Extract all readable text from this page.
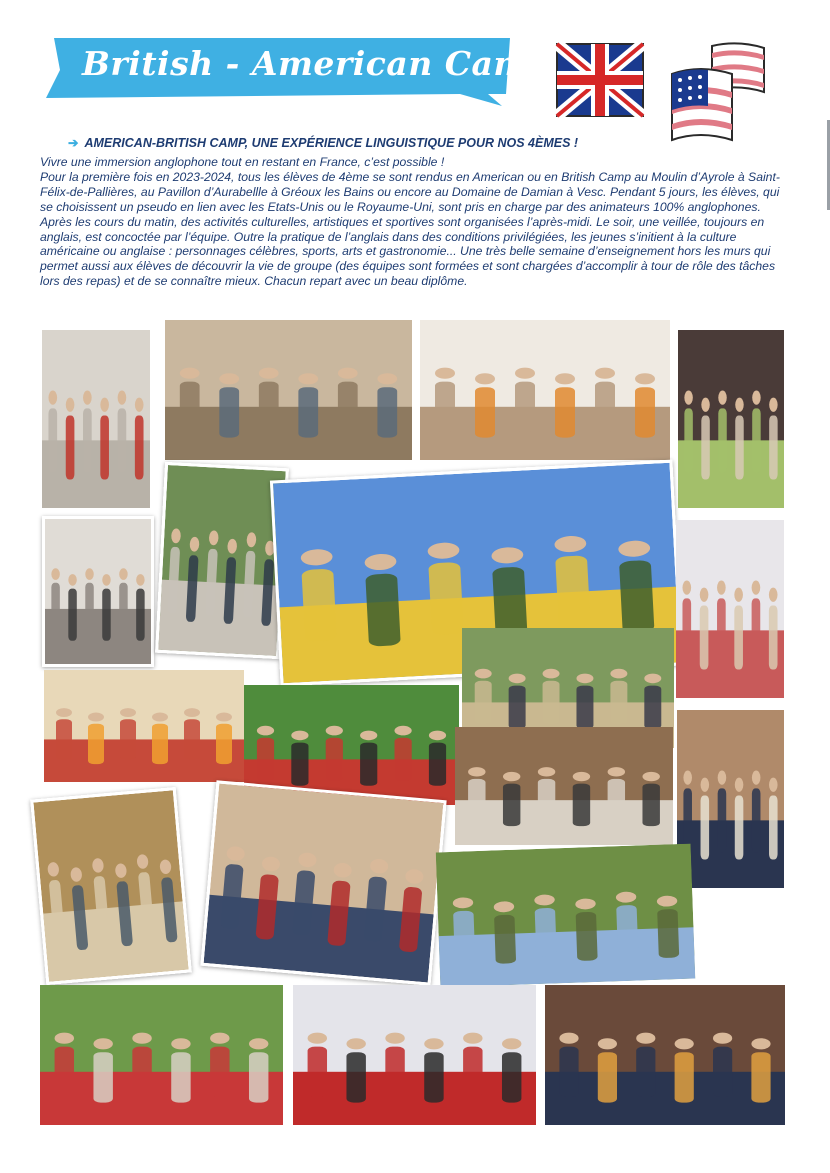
British - American Camp
➔ AMERICAN-BRITISH CAMP, UNE EXPÉRIENCE LINGUISTIQUE POUR NOS 4ÈMES !

Vivre une immersion anglophone tout en restant en France, c’est possible !

Pour la première fois en 2023-2024, tous les élèves de 4ème se sont rendus en American ou en British Camp au Moulin d’Ayrole à Saint-Félix-de-Pallières, au Pavillon d’Aurabellle à Gréoux les Bains ou encore au Domaine de Damian à Vesc. Pendant 5 jours, les élèves, qui se choisissent un pseudo en lien avec les Etats-Unis ou le Royaume-Uni, sont pris en charge par des animateurs 100% anglophones. Après les cours du matin, des activités culturelles, artistiques et sportives sont organisées l’après-midi. Le soir, une veillée, toujours en anglais, est concoctée par l’équipe. Outre la pratique de l’anglais dans des conditions privilégiées, les jeunes s’initient à la culture américaine ou anglaise : personnages célèbres, sports, arts et gastronomie... Une très belle semaine d’enseignement hors les murs qui permet aussi aux élèves de découvrir la vie de groupe (des équipes sont formées et sont chargées d’accomplir à tour de rôle des tâches lors des repas) et de se connaître mieux. Chacun repart avec un beau diplôme.
